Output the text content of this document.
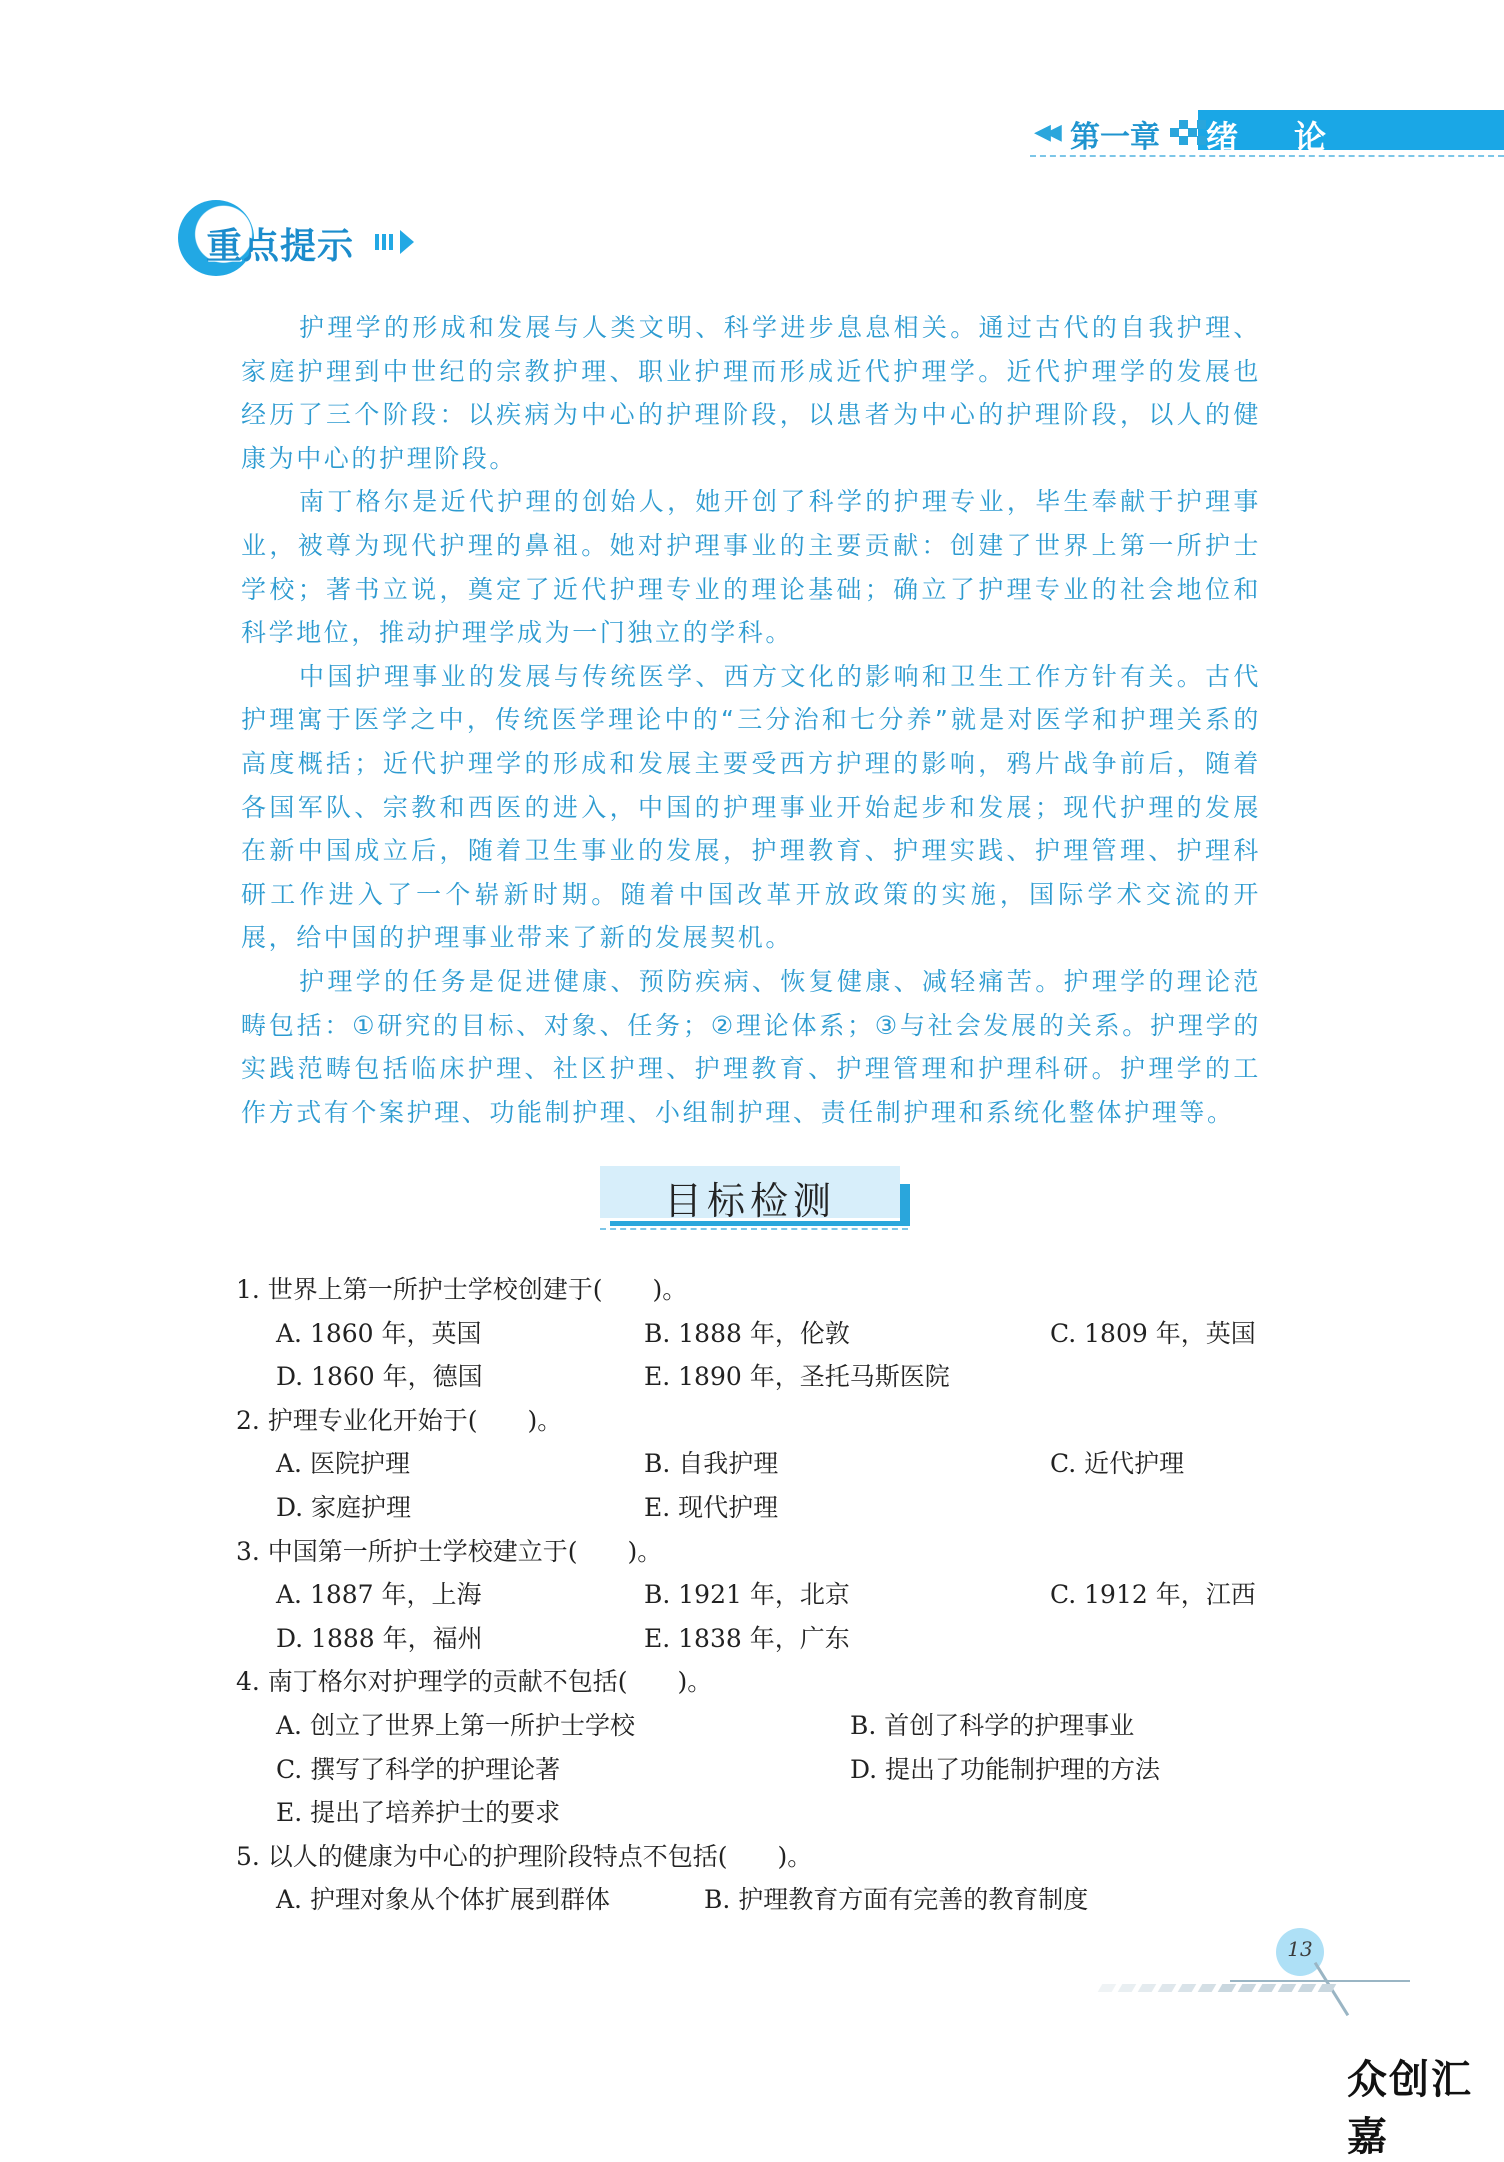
◀◀ 第一章 绪论
重点提示

护理学的形成和发展与人类文明、科学进步息息相关。通过古代的自我护理、家庭护理到中世纪的宗教护理、职业护理而形成近代护理学。近代护理学的发展也经历了三个阶段：以疾病为中心的护理阶段，以患者为中心的护理阶段，以人的健康为中心的护理阶段。

南丁格尔是近代护理的创始人，她开创了科学的护理专业，毕生奉献于护理事业，被尊为现代护理的鼻祖。她对护理事业的主要贡献：创建了世界上第一所护士学校；著书立说，奠定了近代护理专业的理论基础；确立了护理专业的社会地位和科学地位，推动护理学成为一门独立的学科。

中国护理事业的发展与传统医学、西方文化的影响和卫生工作方针有关。古代护理寓于医学之中，传统医学理论中的“三分治和七分养”就是对医学和护理关系的高度概括；近代护理学的形成和发展主要受西方护理的影响，鸦片战争前后，随着各国军队、宗教和西医的进入，中国的护理事业开始起步和发展；现代护理的发展在新中国成立后，随着卫生事业的发展，护理教育、护理实践、护理管理、护理科研工作进入了一个崭新时期。随着中国改革开放政策的实施，国际学术交流的开展，给中国的护理事业带来了新的发展契机。

护理学的任务是促进健康、预防疾病、恢复健康、减轻痛苦。护理学的理论范畴包括：①研究的目标、对象、任务；②理论体系；③与社会发展的关系。护理学的实践范畴包括临床护理、社区护理、护理教育、护理管理和护理科研。护理学的工作方式有个案护理、功能制护理、小组制护理、责任制护理和系统化整体护理等。

目标检测
1. 世界上第一所护士学校创建于(　　)。
A. 1860 年，英国	B. 1888 年，伦敦	C. 1809 年，英国
D. 1860 年，德国	E. 1890 年，圣托马斯医院
2. 护理专业化开始于(　　)。
A. 医院护理	B. 自我护理	C. 近代护理
D. 家庭护理	E. 现代护理
3. 中国第一所护士学校建立于(　　)。
A. 1887 年，上海	B. 1921 年，北京	C. 1912 年，江西
D. 1888 年，福州	E. 1838 年，广东
4. 南丁格尔对护理学的贡献不包括(　　)。
A. 创立了世界上第一所护士学校	B. 首创了科学的护理事业
C. 撰写了科学的护理论著	D. 提出了功能制护理的方法
E. 提出了培养护士的要求
5. 以人的健康为中心的护理阶段特点不包括(　　)。
A. 护理对象从个体扩展到群体	B. 护理教育方面有完善的教育制度
13
众创汇嘉
